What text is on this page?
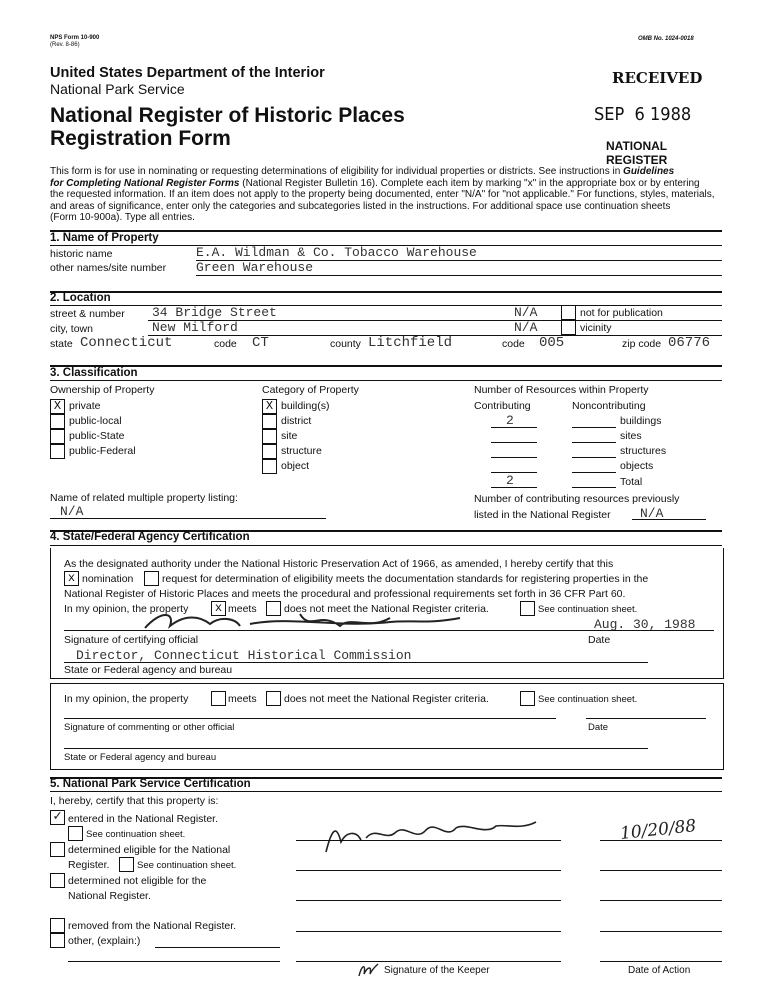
NPS Form 10-900
(Rev. 8-86)
OMB No. 1024-0018
United States Department of the Interior
National Park Service
National Register of Historic Places
Registration Form
RECEIVED
SEP  6 1988
NATIONAL
REGISTER
This form is for use in nominating or requesting determinations of eligibility for individual properties or districts. See instructions in Guidelines
for Completing National Register Forms (National Register Bulletin 16). Complete each item by marking "x" in the appropriate box or by entering
the requested information. If an item does not apply to the property being documented, enter "N/A" for "not applicable." For functions, styles, materials,
and areas of significance, enter only the categories and subcategories listed in the instructions. For additional space use continuation sheets
(Form 10-900a). Type all entries.
1. Name of Property
historic name	E.A. Wildman & Co. Tobacco Warehouse
other names/site number Green Warehouse
2. Location
street & number 34 Bridge Street	N/A	not for publication
city, town	New Milford	N/A	vicinity
state Connecticut	code CT	county Litchfield	code 005	zip code 06776
3. Classification
Ownership of Property
X private
public-local
public-State
public-Federal
Category of Property
X building(s)
district
site
structure
object
Number of Resources within Property
Contributing	Noncontributing
2	buildings
sites
structures
objects
2	Total
Name of related multiple property listing:
N/A
Number of contributing resources previously
listed in the National Register N/A
4. State/Federal Agency Certification
As the designated authority under the National Historic Preservation Act of 1966, as amended, I hereby certify that this
x nomination	request for determination of eligibility meets the documentation standards for registering properties in the
National Register of Historic Places and meets the procedural and professional requirements set forth in 36 CFR Part 60.
In my opinion, the property	x meets	does not meet the National Register criteria.	See continuation sheet.
Aug. 30, 1988
Signature of certifying official	Date
Director, Connecticut Historical Commission
State or Federal agency and bureau
In my opinion, the property	meets	does not meet the National Register criteria.	See continuation sheet.
Signature of commenting or other official	Date
State or Federal agency and bureau
5. National Park Service Certification
I, hereby, certify that this property is:
✓ entered in the National Register.
See continuation sheet.
determined eligible for the National
Register.	See continuation sheet.
determined not eligible for the
National Register.
removed from the National Register.
other, (explain:)
10/20/88
Signature of the Keeper	Date of Action
